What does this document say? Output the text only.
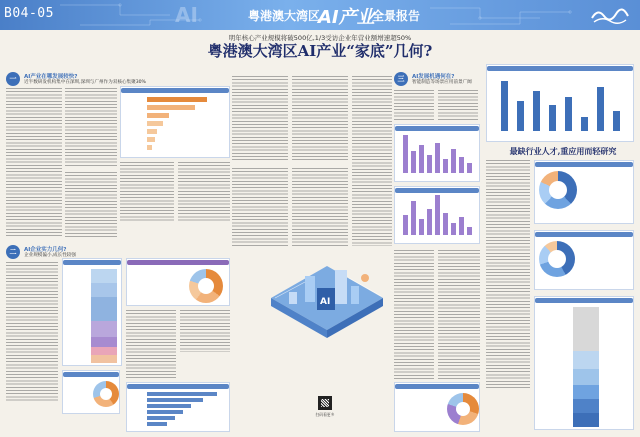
AI
B04-05	粤港澳大湾区
AI产业
全景报告
明年核心产业规模将破500亿,1/3受访企业年营业额增速超50%
粤港澳大湾区AI产业“家底”几何?
一	AI产业在哪发展较快?
近半数研发机构集中在深圳,深圳与广州作为双核心集聚30%
二	AI企业实力几何?
企业规模偏小,成长性较强
AI
三	AI发展机遇何在?
智能制造等场景应用前景广阔
最缺行业人才,重应用而轻研究
扫码看更多
